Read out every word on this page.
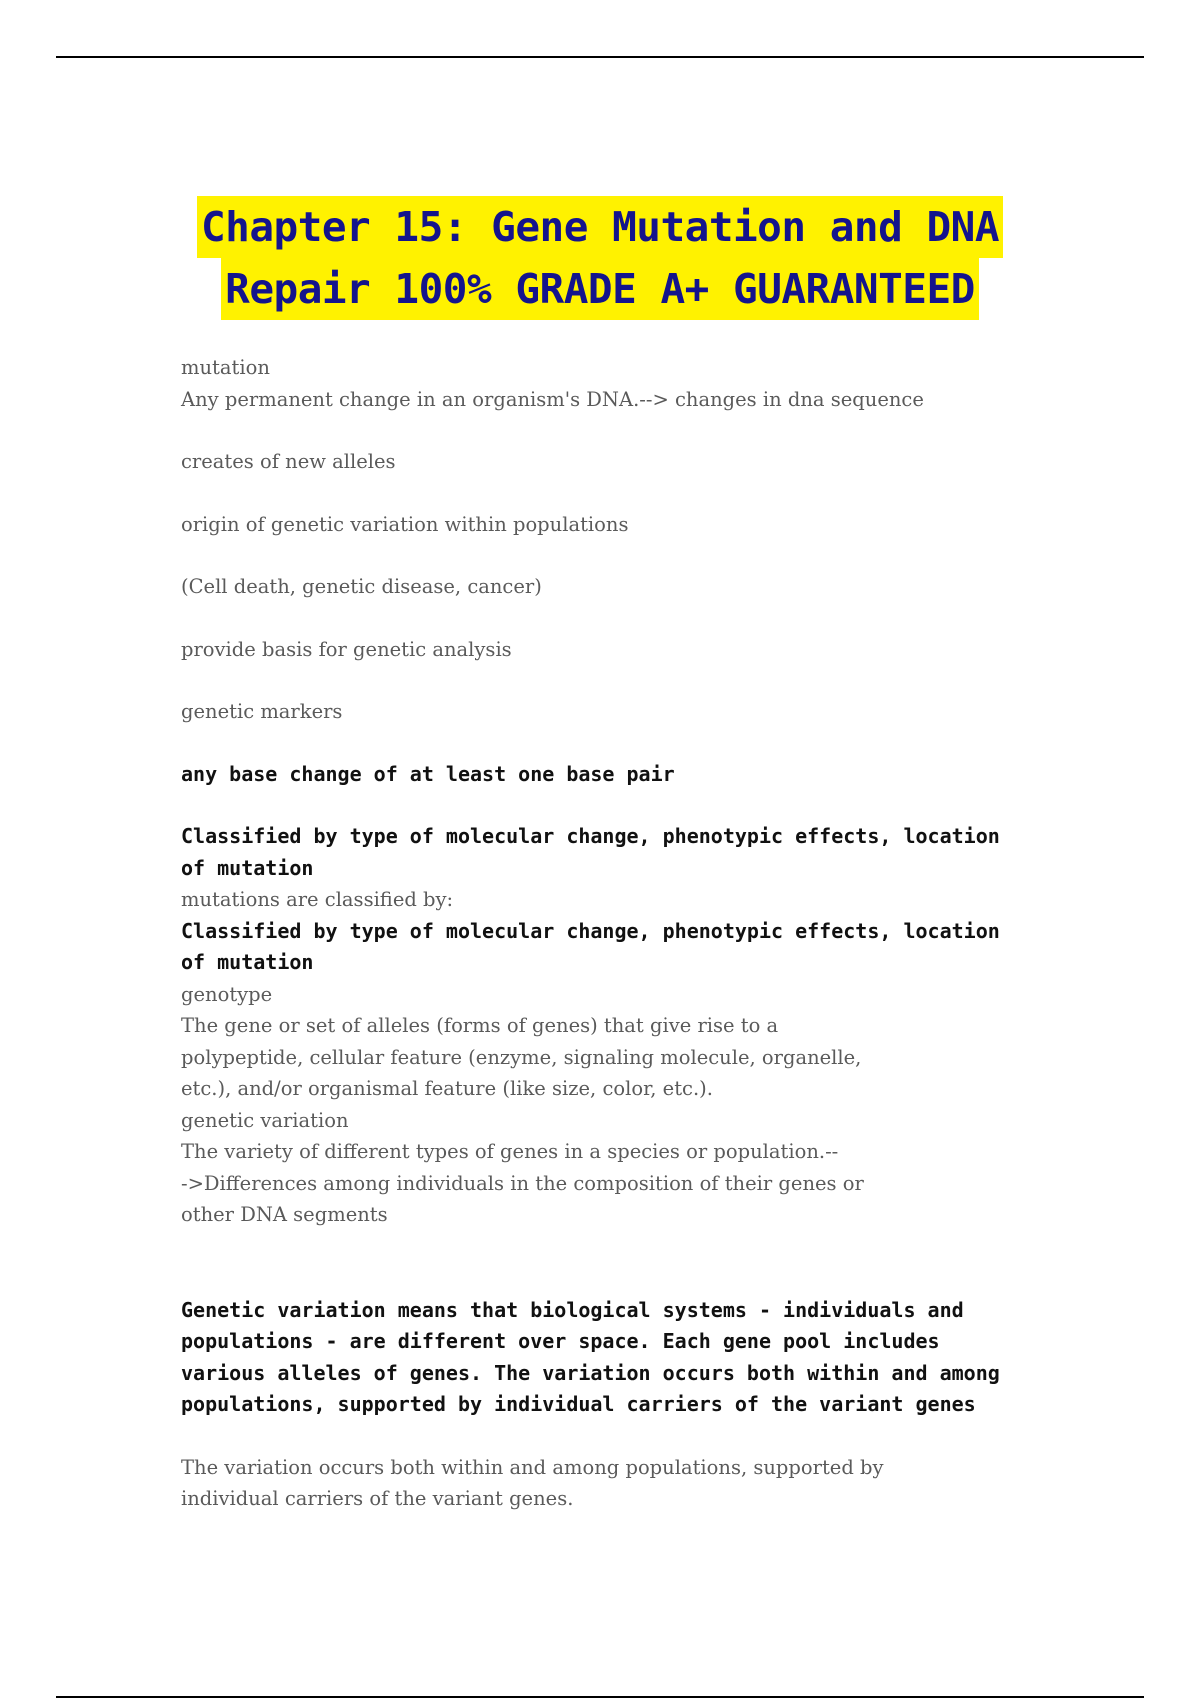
Chapter 15: Gene Mutation and DNA
Repair 100% GRADE A+ GUARANTEED

mutation

Any permanent change in an organism's DNA.--> changes in dna sequence

creates of new alleles

origin of genetic variation within populations

(Cell death, genetic disease, cancer)

provide basis for genetic analysis

genetic markers

any base change of at least one base pair

Classified by type of molecular change, phenotypic effects, location

of mutation

mutations are classified by:

Classified by type of molecular change, phenotypic effects, location

of mutation

genotype

The gene or set of alleles (forms of genes) that give rise to a

polypeptide, cellular feature (enzyme, signaling molecule, organelle,

etc.), and/or organismal feature (like size, color, etc.).

genetic variation

The variety of different types of genes in a species or population.--

->Differences among individuals in the composition of their genes or

other DNA segments

Genetic variation means that biological systems - individuals and

populations - are different over space. Each gene pool includes

various alleles of genes. The variation occurs both within and among

populations, supported by individual carriers of the variant genes

The variation occurs both within and among populations, supported by

individual carriers of the variant genes.
